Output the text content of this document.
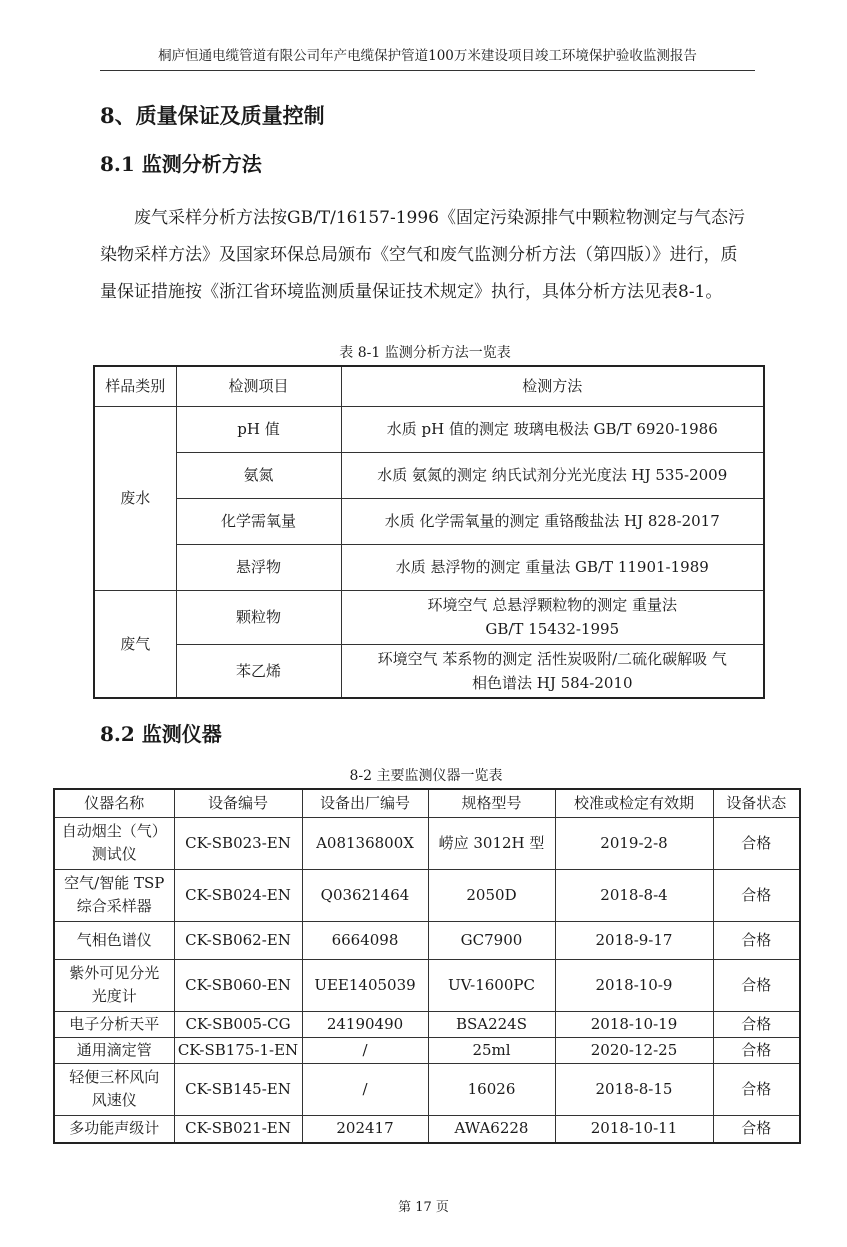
桐庐恒通电缆管道有限公司年产电缆保护管道100万米建设项目竣工环境保护验收监测报告
8、质量保证及质量控制
8.1 监测分析方法
废气采样分析方法按GB/T/16157-1996《固定污染源排气中颗粒物测定与气态污染物采样方法》及国家环保总局颁布《空气和废气监测分析方法（第四版）》进行，质量保证措施按《浙江省环境监测质量保证技术规定》执行，具体分析方法见表8-1。
表 8-1 监测分析方法一览表
样品类别	检测项目	检测方法
废水	pH 值	水质 pH 值的测定 玻璃电极法 GB/T 6920-1986
	氨氮	水质 氨氮的测定 纳氏试剂分光光度法 HJ 535-2009
	化学需氧量	水质 化学需氧量的测定 重铬酸盐法 HJ 828-2017
	悬浮物	水质 悬浮物的测定 重量法 GB/T 11901-1989
废气	颗粒物	环境空气 总悬浮颗粒物的测定 重量法
GB/T 15432-1995

	苯乙烯	环境空气 苯系物的测定 活性炭吸附/二硫化碳解吸 气
相色谱法 HJ 584-2010
8.2 监测仪器
8-2 主要监测仪器一览表
仪器名称	设备编号	设备出厂编号	规格型号	校准或检定有效期	设备状态

自动烟尘（气）
测试仪	CK-SB023-EN	A08136800X	崂应 3012H 型	2019-2-8	合格

空气/智能 TSP
综合采样器	CK-SB024-EN	Q03621464	2050D	2018-8-4	合格

气相色谱仪	CK-SB062-EN	6664098	GC7900	2018-9-17	合格

紫外可见分光
光度计	CK-SB060-EN	UEE1405039	UV-1600PC	2018-10-9	合格

电子分析天平	CK-SB005-CG	24190490	BSA224S	2018-10-19	合格

通用滴定管	CK-SB175-1-EN	/	25ml	2020-12-25	合格

轻便三杯风向
风速仪	CK-SB145-EN	/	16026	2018-8-15	合格

多功能声级计	CK-SB021-EN	202417	AWA6228	2018-10-11	合格
第 17 页
